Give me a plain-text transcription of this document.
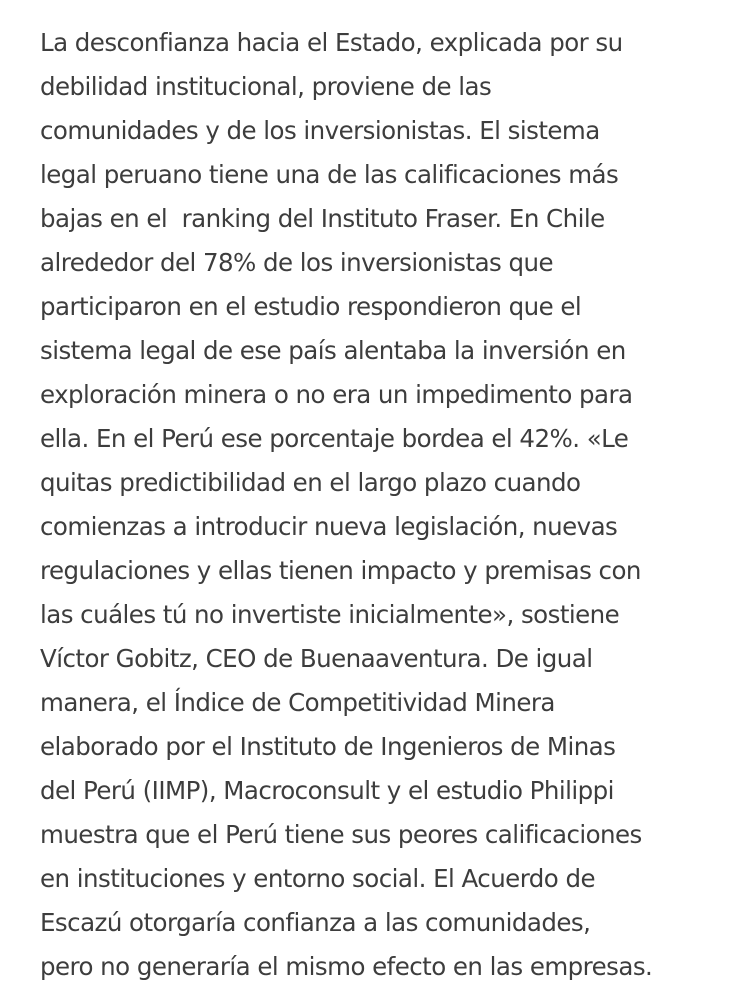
La desconfianza hacia el Estado, explicada por su
debilidad institucional, proviene de las
comunidades y de los inversionistas. El sistema
legal peruano tiene una de las calificaciones más
bajas en el  ranking del Instituto Fraser. En Chile
alrededor del 78% de los inversionistas que
participaron en el estudio respondieron que el
sistema legal de ese país alentaba la inversión en
exploración minera o no era un impedimento para
ella. En el Perú ese porcentaje bordea el 42%. «Le
quitas predictibilidad en el largo plazo cuando
comienzas a introducir nueva legislación, nuevas
regulaciones y ellas tienen impacto y premisas con
las cuáles tú no invertiste inicialmente», sostiene
Víctor Gobitz, CEO de Buenaaventura. De igual
manera, el Índice de Competitividad Minera
elaborado por el Instituto de Ingenieros de Minas
del Perú (IIMP), Macroconsult y el estudio Philippi
muestra que el Perú tiene sus peores calificaciones
en instituciones y entorno social. El Acuerdo de
Escazú otorgaría confianza a las comunidades,
pero no generaría el mismo efecto en las empresas.
